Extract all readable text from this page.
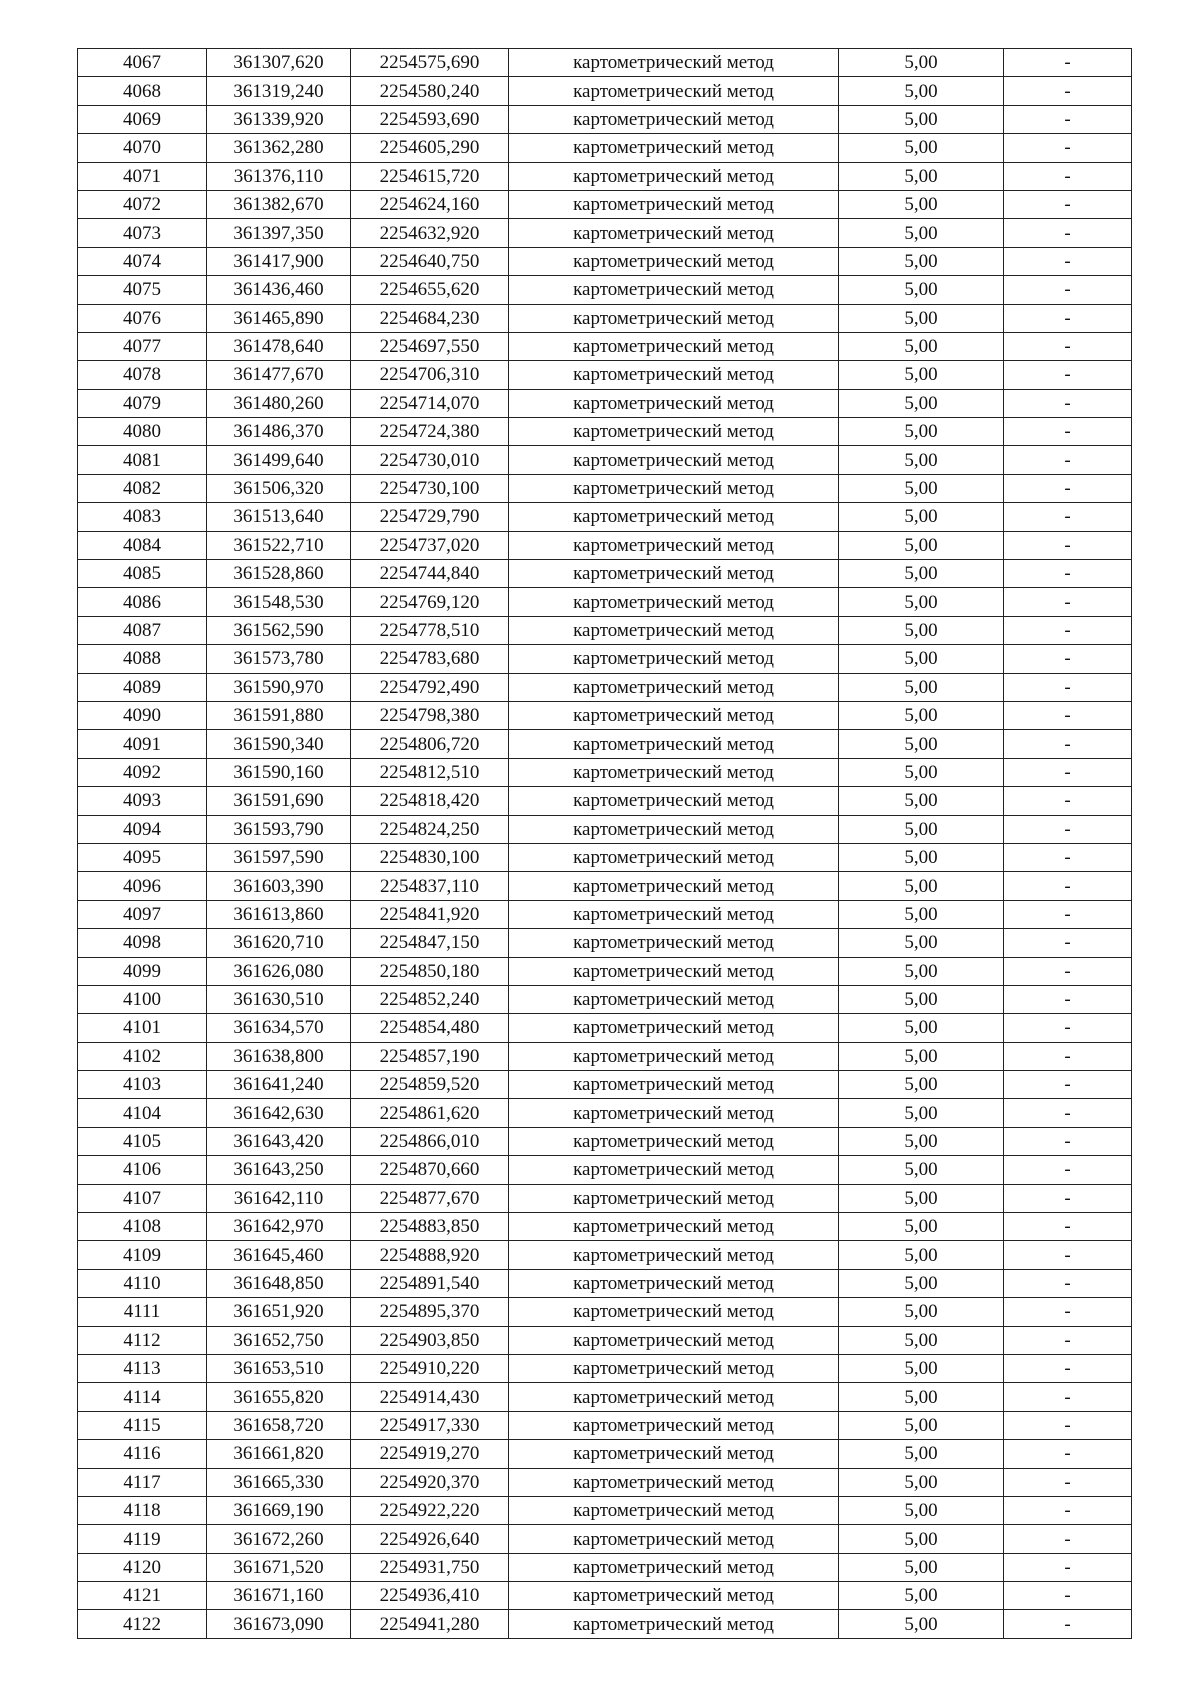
4067	361307,620	2254575,690	картометрический метод	5,00	-
4068	361319,240	2254580,240	картометрический метод	5,00	-
4069	361339,920	2254593,690	картометрический метод	5,00	-
4070	361362,280	2254605,290	картометрический метод	5,00	-
4071	361376,110	2254615,720	картометрический метод	5,00	-
4072	361382,670	2254624,160	картометрический метод	5,00	-
4073	361397,350	2254632,920	картометрический метод	5,00	-
4074	361417,900	2254640,750	картометрический метод	5,00	-
4075	361436,460	2254655,620	картометрический метод	5,00	-
4076	361465,890	2254684,230	картометрический метод	5,00	-
4077	361478,640	2254697,550	картометрический метод	5,00	-
4078	361477,670	2254706,310	картометрический метод	5,00	-
4079	361480,260	2254714,070	картометрический метод	5,00	-
4080	361486,370	2254724,380	картометрический метод	5,00	-
4081	361499,640	2254730,010	картометрический метод	5,00	-
4082	361506,320	2254730,100	картометрический метод	5,00	-
4083	361513,640	2254729,790	картометрический метод	5,00	-
4084	361522,710	2254737,020	картометрический метод	5,00	-
4085	361528,860	2254744,840	картометрический метод	5,00	-
4086	361548,530	2254769,120	картометрический метод	5,00	-
4087	361562,590	2254778,510	картометрический метод	5,00	-
4088	361573,780	2254783,680	картометрический метод	5,00	-
4089	361590,970	2254792,490	картометрический метод	5,00	-
4090	361591,880	2254798,380	картометрический метод	5,00	-
4091	361590,340	2254806,720	картометрический метод	5,00	-
4092	361590,160	2254812,510	картометрический метод	5,00	-
4093	361591,690	2254818,420	картометрический метод	5,00	-
4094	361593,790	2254824,250	картометрический метод	5,00	-
4095	361597,590	2254830,100	картометрический метод	5,00	-
4096	361603,390	2254837,110	картометрический метод	5,00	-
4097	361613,860	2254841,920	картометрический метод	5,00	-
4098	361620,710	2254847,150	картометрический метод	5,00	-
4099	361626,080	2254850,180	картометрический метод	5,00	-
4100	361630,510	2254852,240	картометрический метод	5,00	-
4101	361634,570	2254854,480	картометрический метод	5,00	-
4102	361638,800	2254857,190	картометрический метод	5,00	-
4103	361641,240	2254859,520	картометрический метод	5,00	-
4104	361642,630	2254861,620	картометрический метод	5,00	-
4105	361643,420	2254866,010	картометрический метод	5,00	-
4106	361643,250	2254870,660	картометрический метод	5,00	-
4107	361642,110	2254877,670	картометрический метод	5,00	-
4108	361642,970	2254883,850	картометрический метод	5,00	-
4109	361645,460	2254888,920	картометрический метод	5,00	-
4110	361648,850	2254891,540	картометрический метод	5,00	-
4111	361651,920	2254895,370	картометрический метод	5,00	-
4112	361652,750	2254903,850	картометрический метод	5,00	-
4113	361653,510	2254910,220	картометрический метод	5,00	-
4114	361655,820	2254914,430	картометрический метод	5,00	-
4115	361658,720	2254917,330	картометрический метод	5,00	-
4116	361661,820	2254919,270	картометрический метод	5,00	-
4117	361665,330	2254920,370	картометрический метод	5,00	-
4118	361669,190	2254922,220	картометрический метод	5,00	-
4119	361672,260	2254926,640	картометрический метод	5,00	-
4120	361671,520	2254931,750	картометрический метод	5,00	-
4121	361671,160	2254936,410	картометрический метод	5,00	-
4122	361673,090	2254941,280	картометрический метод	5,00	-
